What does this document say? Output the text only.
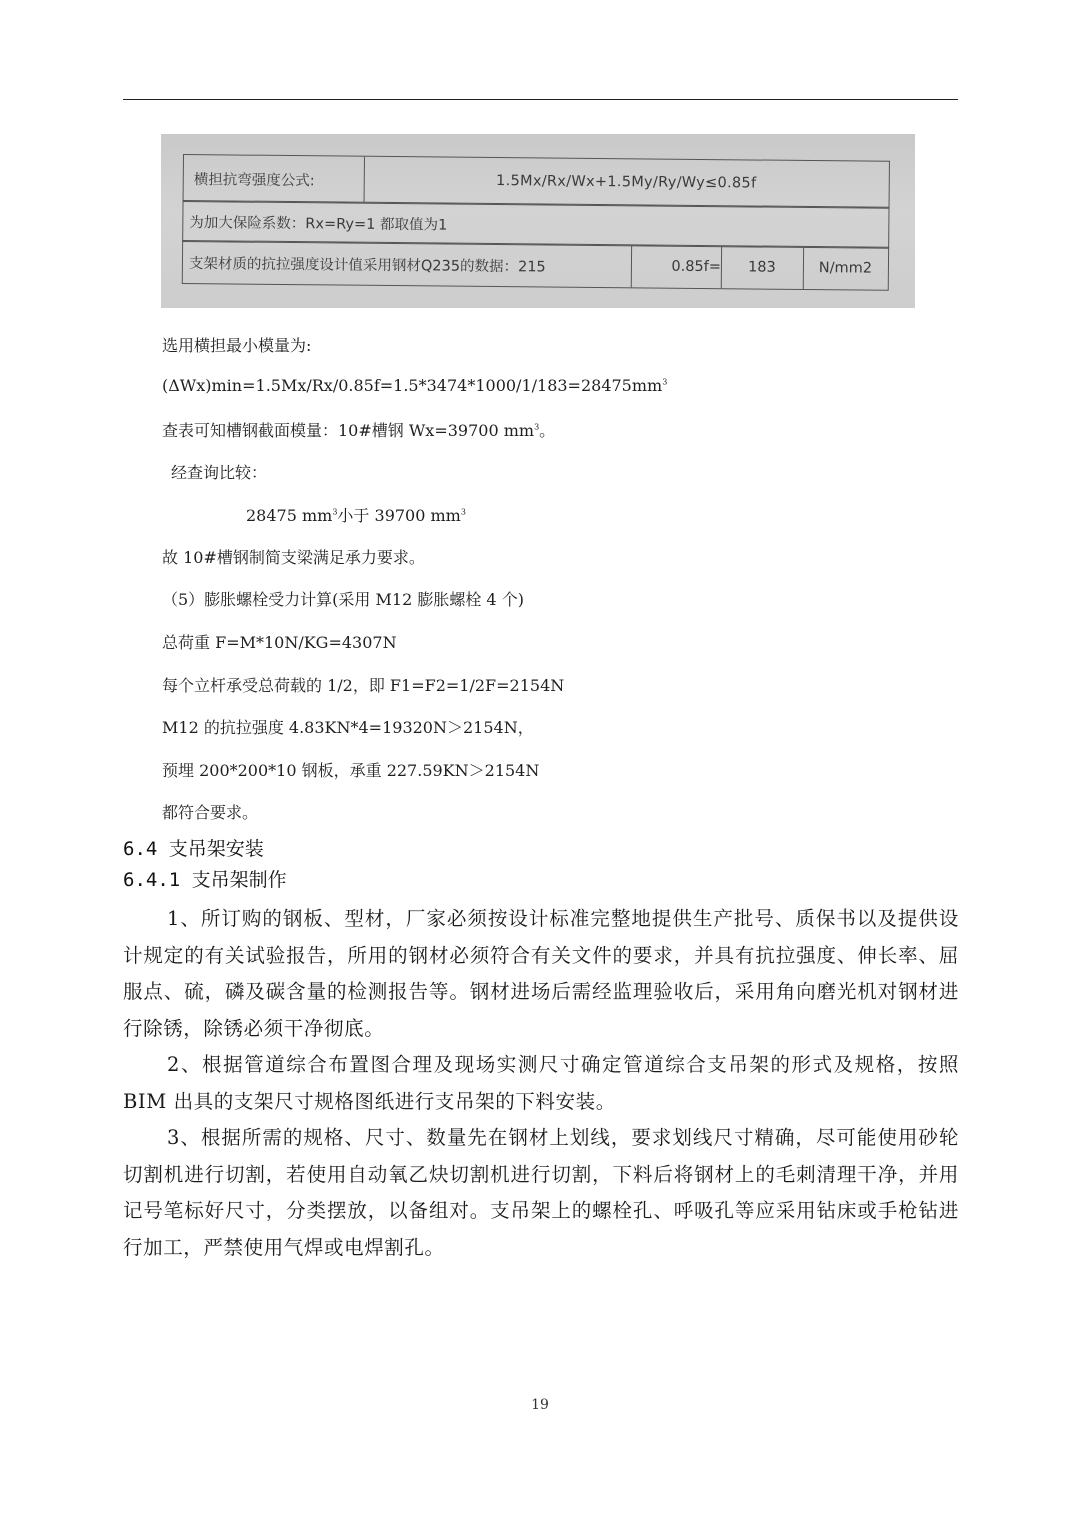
横担抗弯强度公式:	1.5Mx/Rx/Wx+1.5My/Ry/Wy≤0.85f
为加大保险系数：Rx=Ry=1 都取值为1
支架材质的抗拉强度设计值采用钢材Q235的数据：215	0.85f=	183	N/mm2
选用横担最小模量为:
$(\Delta Wx)\min=1.5Mx/Rx/0.85f=1.5*3474*1000/1/183=28475mm^3$
查表可知槽钢截面模量：10#槽钢 Wx=39700 $mm^3$。
经查询比较：
28475 $mm^3$小于 39700 $mm^3$
故 10#槽钢制简支梁满足承力要求。
（5）膨胀螺栓受力计算(采用 M12 膨胀螺栓 4 个)
总荷重 F=M*10N/KG=4307N
每个立杆承受总荷载的 1/2，即 F1=F2=1/2F=2154N
M12 的抗拉强度 4.83KN*4=19320N＞2154N，
预埋 200*200*10 钢板，承重 227.59KN＞2154N
都符合要求。
6.4 支吊架安装
6.4.1 支吊架制作
1、所订购的钢板、型材，厂家必须按设计标准完整地提供生产批号、质保书以及提供设计规定的有关试验报告，所用的钢材必须符合有关文件的要求，并具有抗拉强度、伸长率、屈服点、硫，磷及碳含量的检测报告等。钢材进场后需经监理验收后，采用角向磨光机对钢材进行除锈，除锈必须干净彻底。
2、根据管道综合布置图合理及现场实测尺寸确定管道综合支吊架的形式及规格，按照 BIM 出具的支架尺寸规格图纸进行支吊架的下料安装。
3、根据所需的规格、尺寸、数量先在钢材上划线，要求划线尺寸精确，尽可能使用砂轮切割机进行切割，若使用自动氧乙炔切割机进行切割，下料后将钢材上的毛刺清理干净，并用记号笔标好尺寸，分类摆放，以备组对。支吊架上的螺栓孔、呼吸孔等应采用钻床或手枪钻进行加工，严禁使用气焊或电焊割孔。
19
